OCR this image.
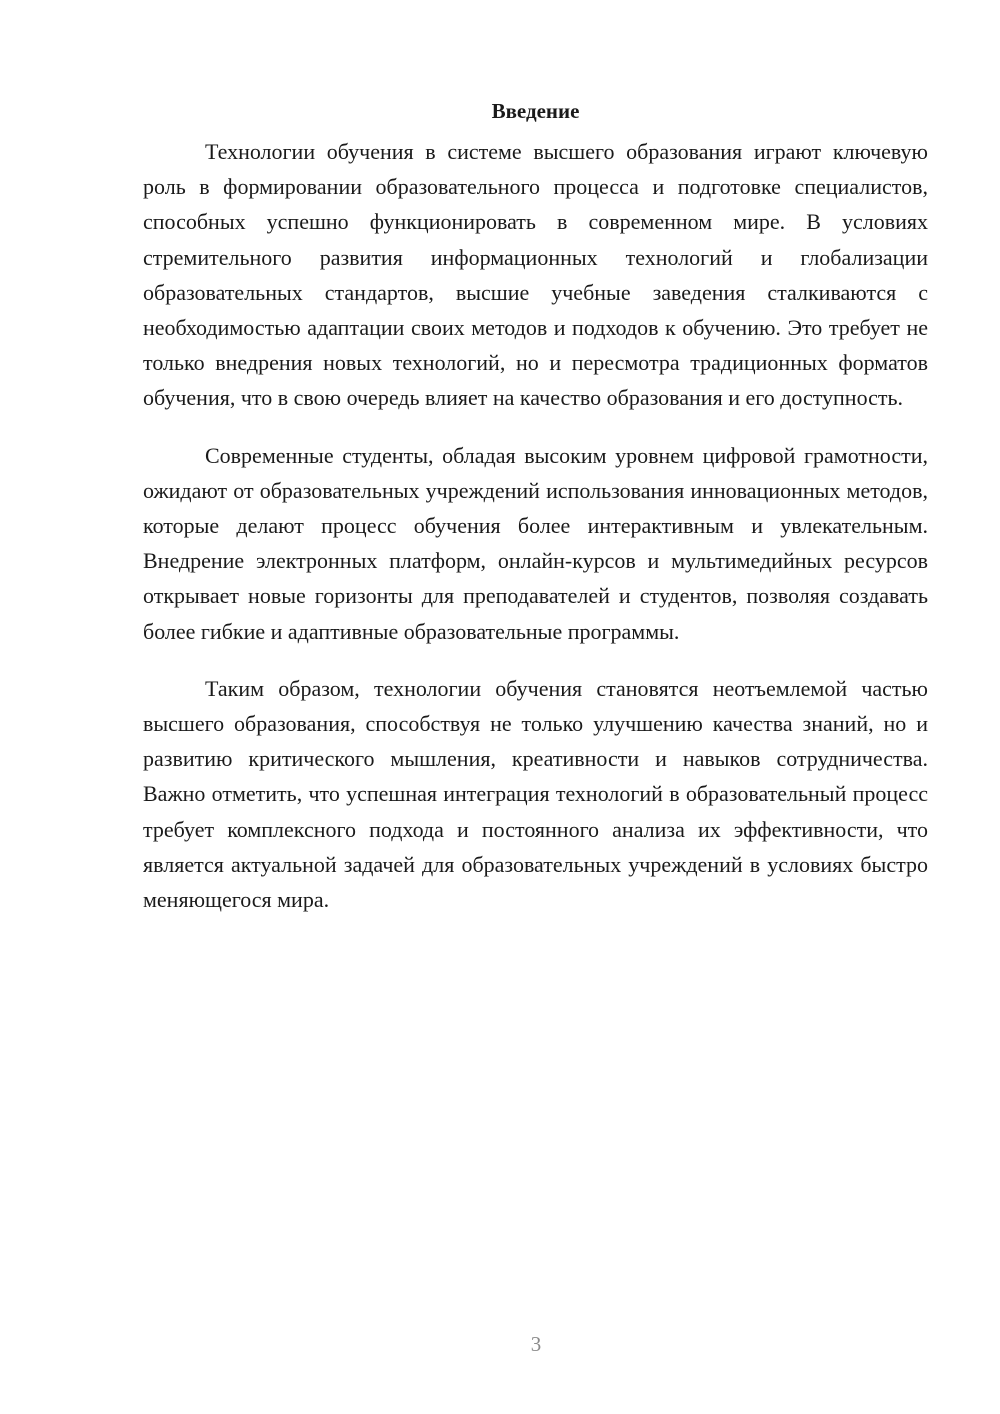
Введение

Технологии обучения в системе высшего образования играют ключевую роль в формировании образовательного процесса и подготовке специалистов, способных успешно функционировать в современном мире. В условиях стремительного развития информационных технологий и глобализации образовательных стандартов, высшие учебные заведения сталкиваются с необходимостью адаптации своих методов и подходов к обучению. Это требует не только внедрения новых технологий, но и пересмотра традиционных форматов обучения, что в свою очередь влияет на качество образования и его доступность.

Современные студенты, обладая высоким уровнем цифровой грамотности, ожидают от образовательных учреждений использования инновационных методов, которые делают процесс обучения более интерактивным и увлекательным. Внедрение электронных платформ, онлайн-курсов и мультимедийных ресурсов открывает новые горизонты для преподавателей и студентов, позволяя создавать более гибкие и адаптивные образовательные программы.

Таким образом, технологии обучения становятся неотъемлемой частью высшего образования, способствуя не только улучшению качества знаний, но и развитию критического мышления, креативности и навыков сотрудничества. Важно отметить, что успешная интеграция технологий в образовательный процесс требует комплексного подхода и постоянного анализа их эффективности, что является актуальной задачей для образовательных учреждений в условиях быстро меняющегося мира.

3
